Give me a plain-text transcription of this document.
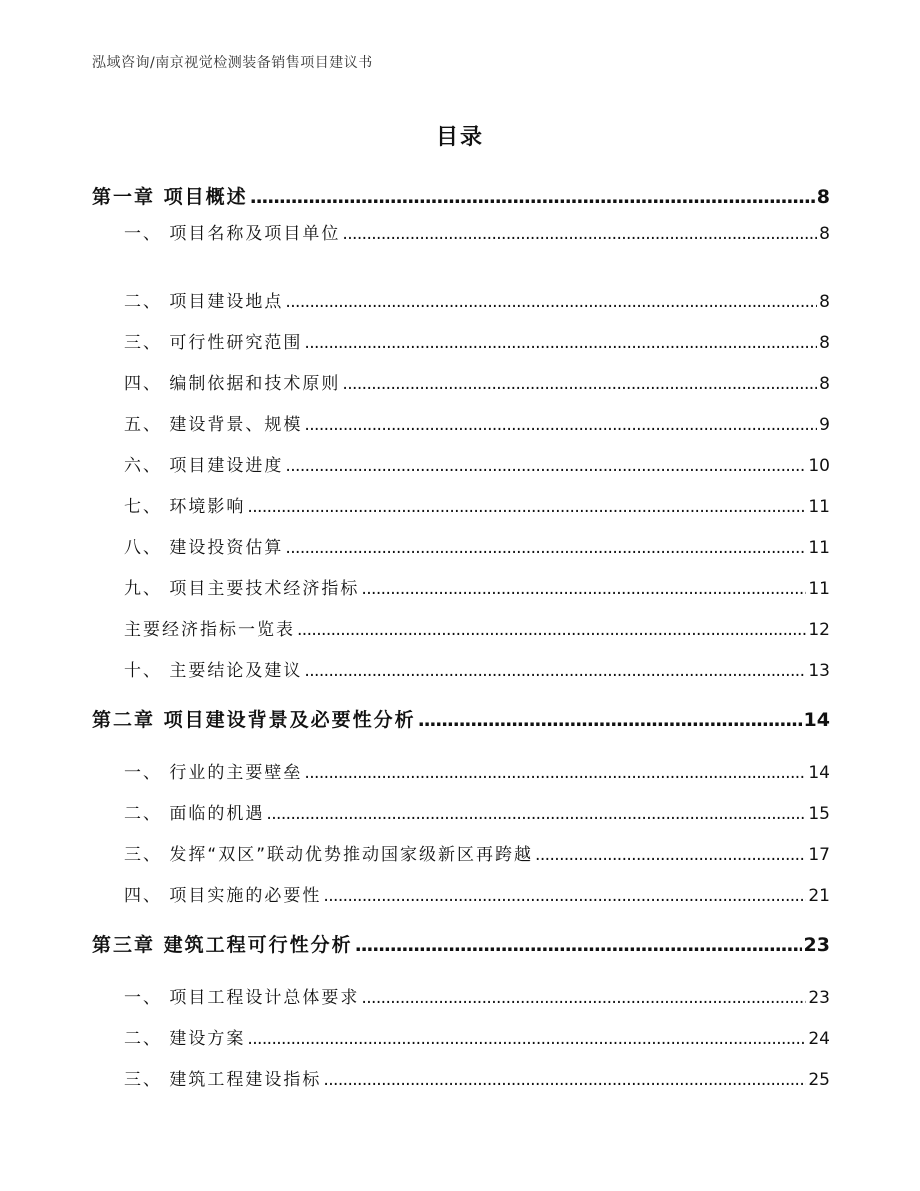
泓域咨询/南京视觉检测装备销售项目建议书
目录
第一章 项目概述 . . .	8
一、 项目名称及项目单位 . . .	8
二、 项目建设地点 . . .	8
三、 可行性研究范围 . . .	8
四、 编制依据和技术原则 . . .	8
五、 建设背景、规模 . . .	9
六、 项目建设进度 . . .	10
七、 环境影响 . . .	11
八、 建设投资估算 . . .	11
九、 项目主要技术经济指标 . . .	11
主要经济指标一览表 . . .	12
十、 主要结论及建议 . . .	13
第二章 项目建设背景及必要性分析 . . .	14
一、 行业的主要壁垒 . . .	14
二、 面临的机遇 . . .	15
三、 发挥“双区”联动优势推动国家级新区再跨越 . . .	17
四、 项目实施的必要性 . . .	21
第三章 建筑工程可行性分析 . . .	23
一、 项目工程设计总体要求 . . .	23
二、 建设方案 . . .	24
三、 建筑工程建设指标 . . .	25
